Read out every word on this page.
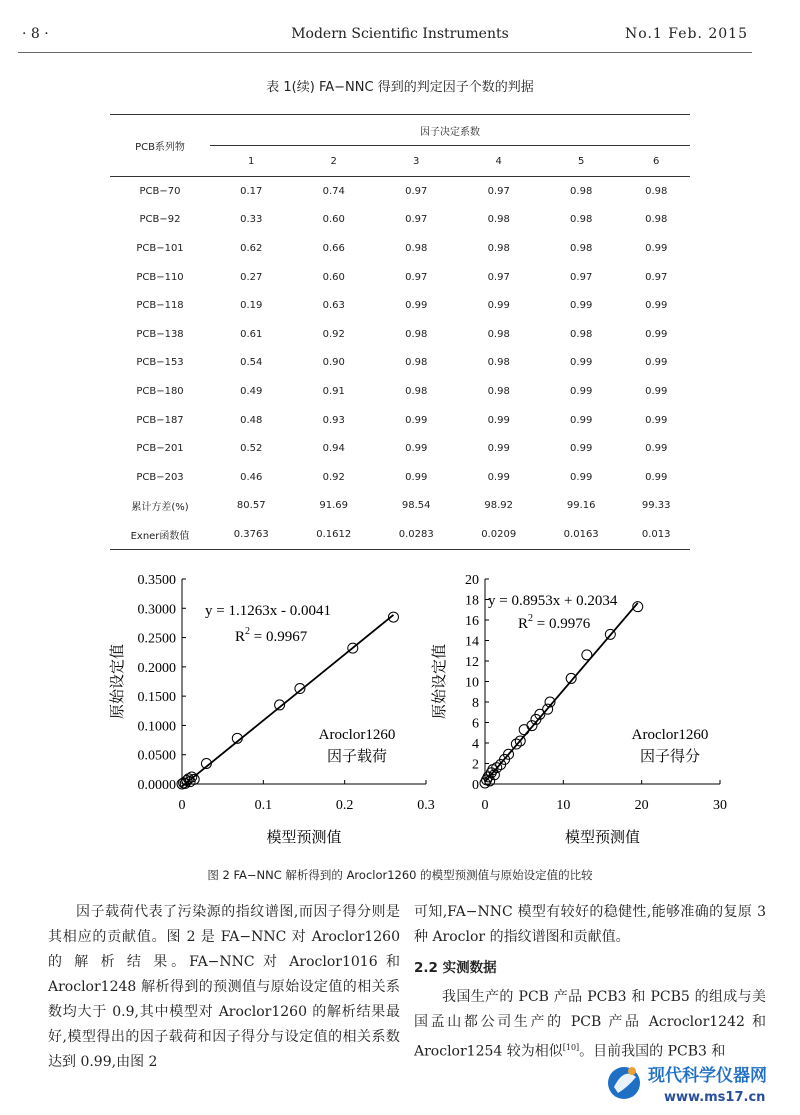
· 8 ·	Modern Scientific Instruments	No.1 Feb. 2015
表 1(续) FA−NNC 得到的判定因子个数的判据
PCB系列物	因子决定系数					
	1	2	3	4	5	6
PCB−70	0.17	0.74	0.97	0.97	0.98	0.98
PCB−92	0.33	0.60	0.97	0.98	0.98	0.98
PCB−101	0.62	0.66	0.98	0.98	0.98	0.99
PCB−110	0.27	0.60	0.97	0.97	0.97	0.97
PCB−118	0.19	0.63	0.99	0.99	0.99	0.99
PCB−138	0.61	0.92	0.98	0.98	0.98	0.99
PCB−153	0.54	0.90	0.98	0.98	0.99	0.99
PCB−180	0.49	0.91	0.98	0.98	0.99	0.99
PCB−187	0.48	0.93	0.99	0.99	0.99	0.99
PCB−201	0.52	0.94	0.99	0.99	0.99	0.99
PCB−203	0.46	0.92	0.99	0.99	0.99	0.99
累计方差(%)	80.57	91.69	98.54	98.92	99.16	99.33
Exner函数值	0.3763	0.1612	0.0283	0.0209	0.0163	0.013
0.0000
0.0500
0.1000
0.1500
0.2000
0.2500
0.3000
0.3500
0	0.1	0.2	0.3
y = 1.1263x - 0.0041
$R^2 = 0.9967$
Aroclor1260
因子载荷
模型预测值
原始设定值
0
2
4
6
8
10
12
14
16
18
20
0	10	20	30
y = 0.8953x + 0.2034
$R^2 = 0.9976$
Aroclor1260
因子得分
模型预测值
原始设定值
图 2 FA−NNC 解析得到的 Aroclor1260 的模型预测值与原始设定值的比较

因子载荷代表了污染源的指纹谱图,而因子得分则是其相应的贡献值。图 2 是 FA−NNC 对 Aroclor1260 的 解 析 结 果。FA−NNC 对 Aroclor1016 和 Aroclor1248 解析得到的预测值与原始设定值的相关系数均大于 0.9,其中模型对 Aroclor1260 的解析结果最好,模型得出的因子载荷和因子得分与设定值的相关系数达到 0.99,由图 2

可知,FA−NNC 模型有较好的稳健性,能够准确的复原 3 种 Aroclor 的指纹谱图和贡献值。

2.2 实测数据

我国生产的 PCB 产品 PCB3 和 PCB5 的组成与美国孟山都公司生产的 PCB 产品 Acroclor1242 和 Aroclor1254 较为相似[10]。目前我国的 PCB3 和

现代科学仪器网
www.ms17.cn
